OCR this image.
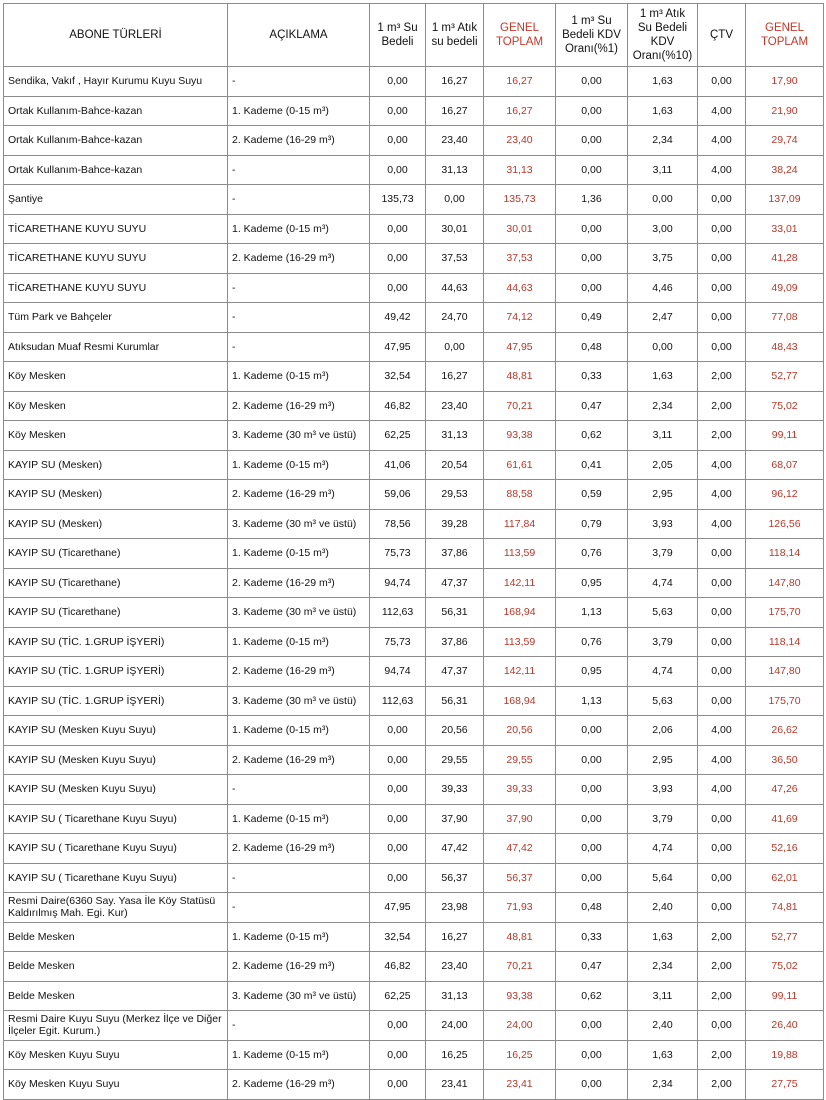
ABONE TÜRLERİ	AÇIKLAMA	1 m³ Su Bedeli	1 m³ Atık su bedeli	GENEL TOPLAM	1 m³ Su Bedeli KDV Oranı(%1)	1 m³ Atık Su Bedeli KDV Oranı(%10)	ÇTV	GENEL TOPLAM
Sendika, Vakıf , Hayır Kurumu Kuyu Suyu	-	0,00	16,27	16,27	0,00	1,63	0,00	17,90
Ortak Kullanım-Bahce-kazan	1. Kademe (0-15 m³)	0,00	16,27	16,27	0,00	1,63	4,00	21,90
Ortak Kullanım-Bahce-kazan	2. Kademe (16-29 m³)	0,00	23,40	23,40	0,00	2,34	4,00	29,74
Ortak Kullanım-Bahce-kazan	-	0,00	31,13	31,13	0,00	3,11	4,00	38,24
Şantiye	-	135,73	0,00	135,73	1,36	0,00	0,00	137,09
TİCARETHANE KUYU SUYU	1. Kademe (0-15 m³)	0,00	30,01	30,01	0,00	3,00	0,00	33,01
TİCARETHANE KUYU SUYU	2. Kademe (16-29 m³)	0,00	37,53	37,53	0,00	3,75	0,00	41,28
TİCARETHANE KUYU SUYU	-	0,00	44,63	44,63	0,00	4,46	0,00	49,09
Tüm Park ve Bahçeler	-	49,42	24,70	74,12	0,49	2,47	0,00	77,08
Atıksudan Muaf Resmi Kurumlar	-	47,95	0,00	47,95	0,48	0,00	0,00	48,43
Köy Mesken	1. Kademe (0-15 m³)	32,54	16,27	48,81	0,33	1,63	2,00	52,77
Köy Mesken	2. Kademe (16-29 m³)	46,82	23,40	70,21	0,47	2,34	2,00	75,02
Köy Mesken	3. Kademe (30 m³ ve üstü)	62,25	31,13	93,38	0,62	3,11	2,00	99,11
KAYIP SU (Mesken)	1. Kademe (0-15 m³)	41,06	20,54	61,61	0,41	2,05	4,00	68,07
KAYIP SU (Mesken)	2. Kademe (16-29 m³)	59,06	29,53	88,58	0,59	2,95	4,00	96,12
KAYIP SU (Mesken)	3. Kademe (30 m³ ve üstü)	78,56	39,28	117,84	0,79	3,93	4,00	126,56
KAYIP SU (Ticarethane)	1. Kademe (0-15 m³)	75,73	37,86	113,59	0,76	3,79	0,00	118,14
KAYIP SU (Ticarethane)	2. Kademe (16-29 m³)	94,74	47,37	142,11	0,95	4,74	0,00	147,80
KAYIP SU (Ticarethane)	3. Kademe (30 m³ ve üstü)	112,63	56,31	168,94	1,13	5,63	0,00	175,70
KAYIP SU (TİC. 1.GRUP İŞYERİ)	1. Kademe (0-15 m³)	75,73	37,86	113,59	0,76	3,79	0,00	118,14
KAYIP SU (TİC. 1.GRUP İŞYERİ)	2. Kademe (16-29 m³)	94,74	47,37	142,11	0,95	4,74	0,00	147,80
KAYIP SU (TİC. 1.GRUP İŞYERİ)	3. Kademe (30 m³ ve üstü)	112,63	56,31	168,94	1,13	5,63	0,00	175,70
KAYIP SU (Mesken Kuyu Suyu)	1. Kademe (0-15 m³)	0,00	20,56	20,56	0,00	2,06	4,00	26,62
KAYIP SU (Mesken Kuyu Suyu)	2. Kademe (16-29 m³)	0,00	29,55	29,55	0,00	2,95	4,00	36,50
KAYIP SU (Mesken Kuyu Suyu)	-	0,00	39,33	39,33	0,00	3,93	4,00	47,26
KAYIP SU ( Ticarethane Kuyu Suyu)	1. Kademe (0-15 m³)	0,00	37,90	37,90	0,00	3,79	0,00	41,69
KAYIP SU ( Ticarethane Kuyu Suyu)	2. Kademe (16-29 m³)	0,00	47,42	47,42	0,00	4,74	0,00	52,16
KAYIP SU ( Ticarethane Kuyu Suyu)	-	0,00	56,37	56,37	0,00	5,64	0,00	62,01
Resmi Daire(6360 Say. Yasa İle Köy Statüsü Kaldırılmış Mah. Egi. Kur)	-	47,95	23,98	71,93	0,48	2,40	0,00	74,81
Belde Mesken	1. Kademe (0-15 m³)	32,54	16,27	48,81	0,33	1,63	2,00	52,77
Belde Mesken	2. Kademe (16-29 m³)	46,82	23,40	70,21	0,47	2,34	2,00	75,02
Belde Mesken	3. Kademe (30 m³ ve üstü)	62,25	31,13	93,38	0,62	3,11	2,00	99,11
Resmi Daire Kuyu Suyu (Merkez İlçe ve Diğer İlçeler Egit. Kurum.)	-	0,00	24,00	24,00	0,00	2,40	0,00	26,40
Köy Mesken Kuyu Suyu	1. Kademe (0-15 m³)	0,00	16,25	16,25	0,00	1,63	2,00	19,88
Köy Mesken Kuyu Suyu	2. Kademe (16-29 m³)	0,00	23,41	23,41	0,00	2,34	2,00	27,75
